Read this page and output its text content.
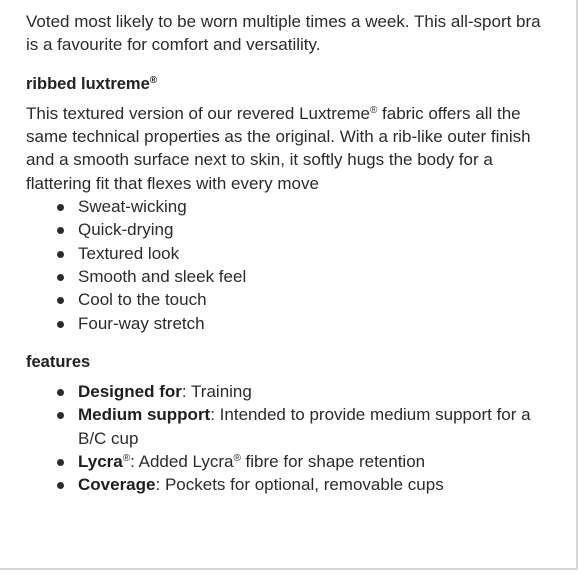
Voted most likely to be worn multiple times a week. This all-sport bra is a favourite for comfort and versatility.

ribbed luxtreme®

This textured version of our revered Luxtreme® fabric offers all the same technical properties as the original. With a rib-like outer finish and a smooth surface next to skin, it softly hugs the body for a flattering fit that flexes with every move

Sweat-wicking
Quick-drying
Textured look
Smooth and sleek feel
Cool to the touch
Four-way stretch
features
Designed for: Training
Medium support: Intended to provide medium support for a B/C cup
Lycra®: Added Lycra® fibre for shape retention
Coverage: Pockets for optional, removable cups
